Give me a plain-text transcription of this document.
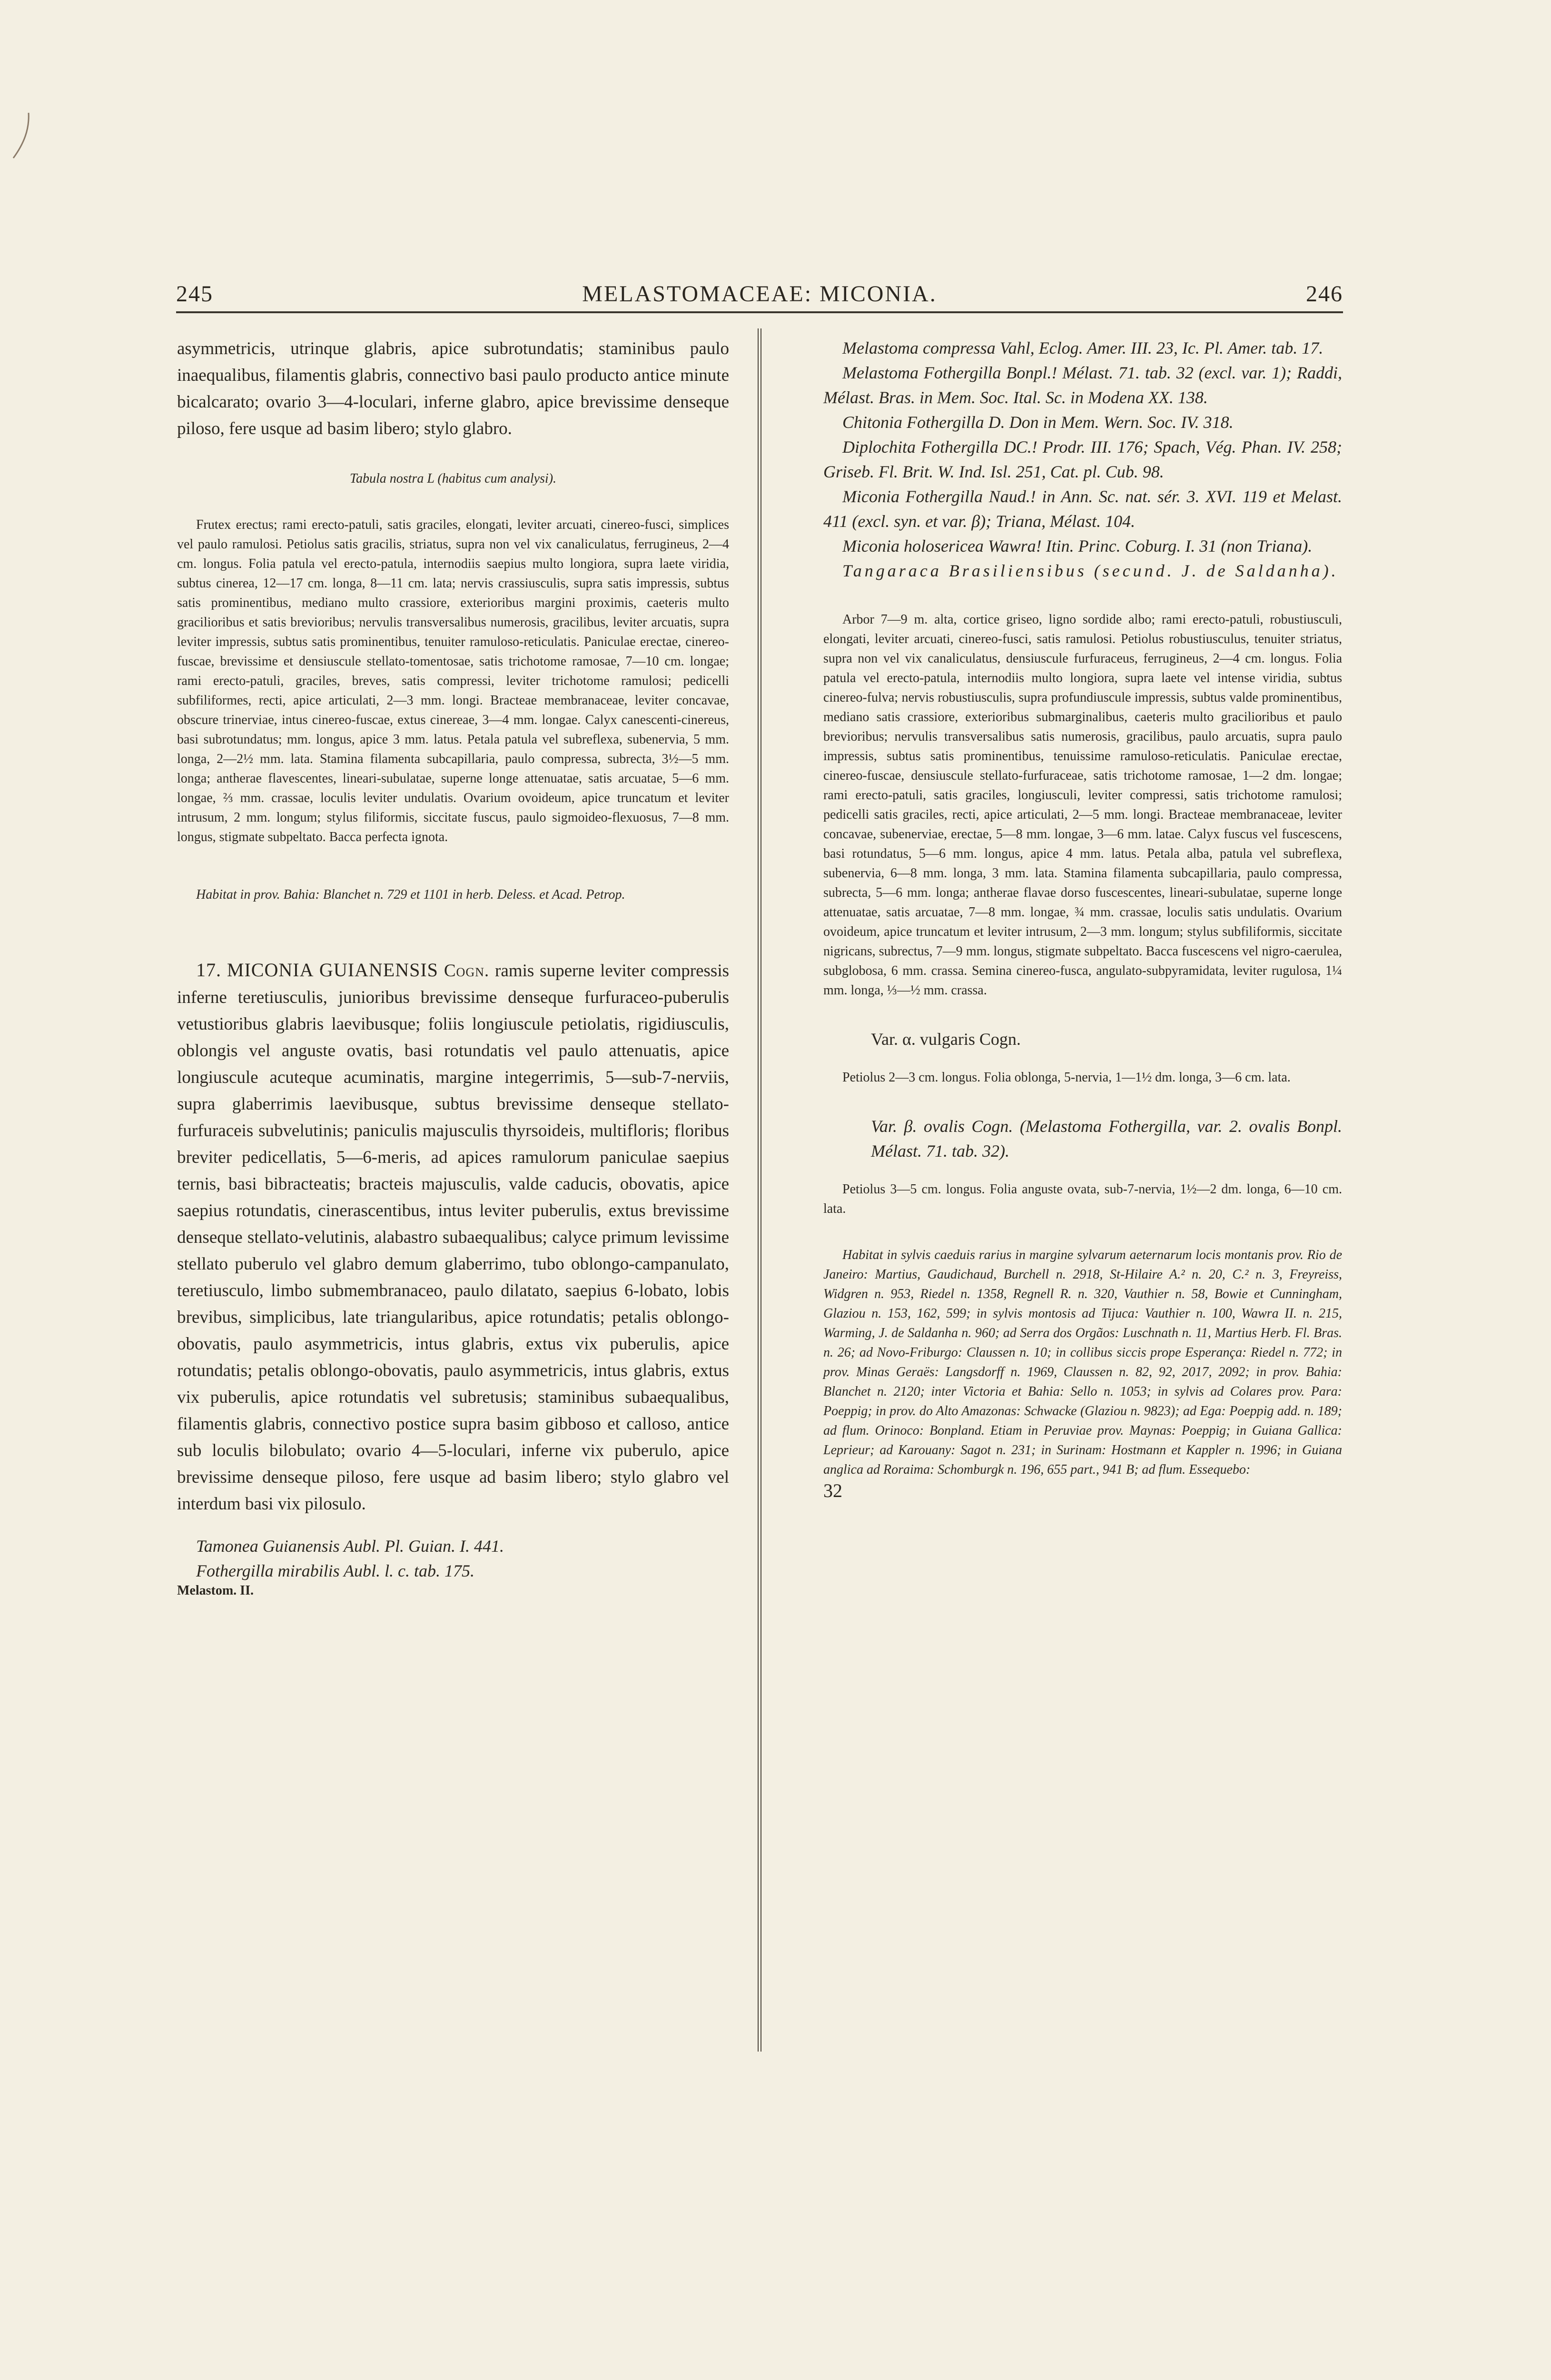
245	MELASTOMACEAE: MICONIA.	246

asymmetricis, utrinque glabris, apice subrotundatis; staminibus paulo inaequalibus, filamentis glabris, connectivo basi paulo producto antice minute bicalcarato; ovario 3—4-loculari, inferne glabro, apice brevissime denseque piloso, fere usque ad basim libero; stylo glabro.

Tabula nostra L (habitus cum analysi).

Frutex erectus; rami erecto-patuli, satis graciles, elongati, leviter arcuati, cinereo-fusci, simplices vel paulo ramulosi. Petiolus satis gracilis, striatus, supra non vel vix canaliculatus, ferrugineus, 2—4 cm. longus. Folia patula vel erecto-patula, internodiis saepius multo longiora, supra laete viridia, subtus cinerea, 12—17 cm. longa, 8—11 cm. lata; nervis crassiusculis, supra satis impressis, subtus satis prominentibus, mediano multo crassiore, exterioribus margini proximis, caeteris multo gracilioribus et satis brevioribus; nervulis transversalibus numerosis, gracilibus, leviter arcuatis, supra leviter impressis, subtus satis prominentibus, tenuiter ramuloso-reticulatis. Paniculae erectae, cinereo-fuscae, brevissime et densiuscule stellato-tomentosae, satis trichotome ramosae, 7—10 cm. longae; rami erecto-patuli, graciles, breves, satis compressi, leviter trichotome ramulosi; pedicelli subfiliformes, recti, apice articulati, 2—3 mm. longi. Bracteae membranaceae, leviter concavae, obscure trinerviae, intus cinereo-fuscae, extus cinereae, 3—4 mm. longae. Calyx canescenti-cinereus, basi subrotundatus; mm. longus, apice 3 mm. latus. Petala patula vel subreflexa, subenervia, 5 mm. longa, 2—2½ mm. lata. Stamina filamenta subcapillaria, paulo compressa, subrecta, 3½—5 mm. longa; antherae flavescentes, lineari-subulatae, superne longe attenuatae, satis arcuatae, 5—6 mm. longae, ⅔ mm. crassae, loculis leviter undulatis. Ovarium ovoideum, apice truncatum et leviter intrusum, 2 mm. longum; stylus filiformis, siccitate fuscus, paulo sigmoideo-flexuosus, 7—8 mm. longus, stigmate subpeltato. Bacca perfecta ignota.

Habitat in prov. Bahia: Blanchet n. 729 et 1101 in herb. Deless. et Acad. Petrop.

17. MICONIA GUIANENSIS Cogn. ramis superne leviter compressis inferne teretiusculis, junioribus brevissime denseque furfuraceo-puberulis vetustioribus glabris laevibusque; foliis longiuscule petiolatis, rigidiusculis, oblongis vel anguste ovatis, basi rotundatis vel paulo attenuatis, apice longiuscule acuteque acuminatis, margine integerrimis, 5—sub-7-nerviis, supra glaberrimis laevibusque, subtus brevissime denseque stellato-furfuraceis subvelutinis; paniculis majusculis thyrsoideis, multifloris; floribus breviter pedicellatis, 5—6-meris, ad apices ramulorum paniculae saepius ternis, basi bibracteatis; bracteis majusculis, valde caducis, obovatis, apice saepius rotundatis, cinerascentibus, intus leviter puberulis, extus brevissime denseque stellato-velutinis, alabastro subaequalibus; calyce primum levissime stellato puberulo vel glabro demum glaberrimo, tubo oblongo-campanulato, teretiusculo, limbo submembranaceo, paulo dilatato, saepius 6-lobato, lobis brevibus, simplicibus, late triangularibus, apice rotundatis; petalis oblongo-obovatis, paulo asymmetricis, intus glabris, extus vix puberulis, apice rotundatis; petalis oblongo-obovatis, paulo asymmetricis, intus glabris, extus vix puberulis, apice rotundatis vel subretusis; staminibus subaequalibus, filamentis glabris, connectivo postice supra basim gibboso et calloso, antice sub loculis bilobulato; ovario 4—5-loculari, inferne vix puberulo, apice brevissime denseque piloso, fere usque ad basim libero; stylo glabro vel interdum basi vix pilosulo.

Tamonea Guianensis Aubl. Pl. Guian. I. 441.

Fothergilla mirabilis Aubl. l. c. tab. 175.

Melastom. II.

Melastoma compressa Vahl, Eclog. Amer. III. 23, Ic. Pl. Amer. tab. 17.

Melastoma Fothergilla Bonpl.! Mélast. 71. tab. 32 (excl. var. 1); Raddi, Mélast. Bras. in Mem. Soc. Ital. Sc. in Modena XX. 138.

Chitonia Fothergilla D. Don in Mem. Wern. Soc. IV. 318.

Diplochita Fothergilla DC.! Prodr. III. 176; Spach, Vég. Phan. IV. 258; Griseb. Fl. Brit. W. Ind. Isl. 251, Cat. pl. Cub. 98.

Miconia Fothergilla Naud.! in Ann. Sc. nat. sér. 3. XVI. 119 et Melast. 411 (excl. syn. et var. β); Triana, Mélast. 104.

Miconia holosericea Wawra! Itin. Princ. Coburg. I. 31 (non Triana).

Tangaraca Brasiliensibus (secund. J. de Saldanha).

Arbor 7—9 m. alta, cortice griseo, ligno sordide albo; rami erecto-patuli, robustiusculi, elongati, leviter arcuati, cinereo-fusci, satis ramulosi. Petiolus robustiusculus, tenuiter striatus, supra non vel vix canaliculatus, densiuscule furfuraceus, ferrugineus, 2—4 cm. longus. Folia patula vel erecto-patula, internodiis multo longiora, supra laete vel intense viridia, subtus cinereo-fulva; nervis robustiusculis, supra profundiuscule impressis, subtus valde prominentibus, mediano satis crassiore, exterioribus submarginalibus, caeteris multo gracilioribus et paulo brevioribus; nervulis transversalibus satis numerosis, gracilibus, paulo arcuatis, supra paulo impressis, subtus satis prominentibus, tenuissime ramuloso-reticulatis. Paniculae erectae, cinereo-fuscae, densiuscule stellato-furfuraceae, satis trichotome ramosae, 1—2 dm. longae; rami erecto-patuli, satis graciles, longiusculi, leviter compressi, satis trichotome ramulosi; pedicelli satis graciles, recti, apice articulati, 2—5 mm. longi. Bracteae membranaceae, leviter concavae, subenerviae, erectae, 5—8 mm. longae, 3—6 mm. latae. Calyx fuscus vel fuscescens, basi rotundatus, 5—6 mm. longus, apice 4 mm. latus. Petala alba, patula vel subreflexa, subenervia, 6—8 mm. longa, 3 mm. lata. Stamina filamenta subcapillaria, paulo compressa, subrecta, 5—6 mm. longa; antherae flavae dorso fuscescentes, lineari-subulatae, superne longe attenuatae, satis arcuatae, 7—8 mm. longae, ¾ mm. crassae, loculis satis undulatis. Ovarium ovoideum, apice truncatum et leviter intrusum, 2—3 mm. longum; stylus subfiliformis, siccitate nigricans, subrectus, 7—9 mm. longus, stigmate subpeltato. Bacca fuscescens vel nigro-caerulea, subglobosa, 6 mm. crassa. Semina cinereo-fusca, angulato-subpyramidata, leviter rugulosa, 1¼ mm. longa, ⅓—½ mm. crassa.

Var. α. vulgaris Cogn.

Petiolus 2—3 cm. longus. Folia oblonga, 5-nervia, 1—1½ dm. longa, 3—6 cm. lata.

Var. β. ovalis Cogn. (Melastoma Fothergilla, var. 2. ovalis Bonpl. Mélast. 71. tab. 32).

Petiolus 3—5 cm. longus. Folia anguste ovata, sub-7-nervia, 1½—2 dm. longa, 6—10 cm. lata.

Habitat in sylvis caeduis rarius in margine sylvarum aeternarum locis montanis prov. Rio de Janeiro: Martius, Gaudichaud, Burchell n. 2918, St-Hilaire A.² n. 20, C.² n. 3, Freyreiss, Widgren n. 953, Riedel n. 1358, Regnell R. n. 320, Vauthier n. 58, Bowie et Cunningham, Glaziou n. 153, 162, 599; in sylvis montosis ad Tijuca: Vauthier n. 100, Wawra II. n. 215, Warming, J. de Saldanha n. 960; ad Serra dos Orgãos: Luschnath n. 11, Martius Herb. Fl. Bras. n. 26; ad Novo-Friburgo: Claussen n. 10; in collibus siccis prope Esperança: Riedel n. 772; in prov. Minas Geraës: Langsdorff n. 1969, Claussen n. 82, 92, 2017, 2092; in prov. Bahia: Blanchet n. 2120; inter Victoria et Bahia: Sello n. 1053; in sylvis ad Colares prov. Para: Poeppig; in prov. do Alto Amazonas: Schwacke (Glaziou n. 9823); ad Ega: Poeppig add. n. 189; ad flum. Orinoco: Bonpland. Etiam in Peruviae prov. Maynas: Poeppig; in Guiana Gallica: Leprieur; ad Karouany: Sagot n. 231; in Surinam: Hostmann et Kappler n. 1996; in Guiana anglica ad Roraima: Schomburgk n. 196, 655 part., 941 B; ad flum. Essequebo:

32
